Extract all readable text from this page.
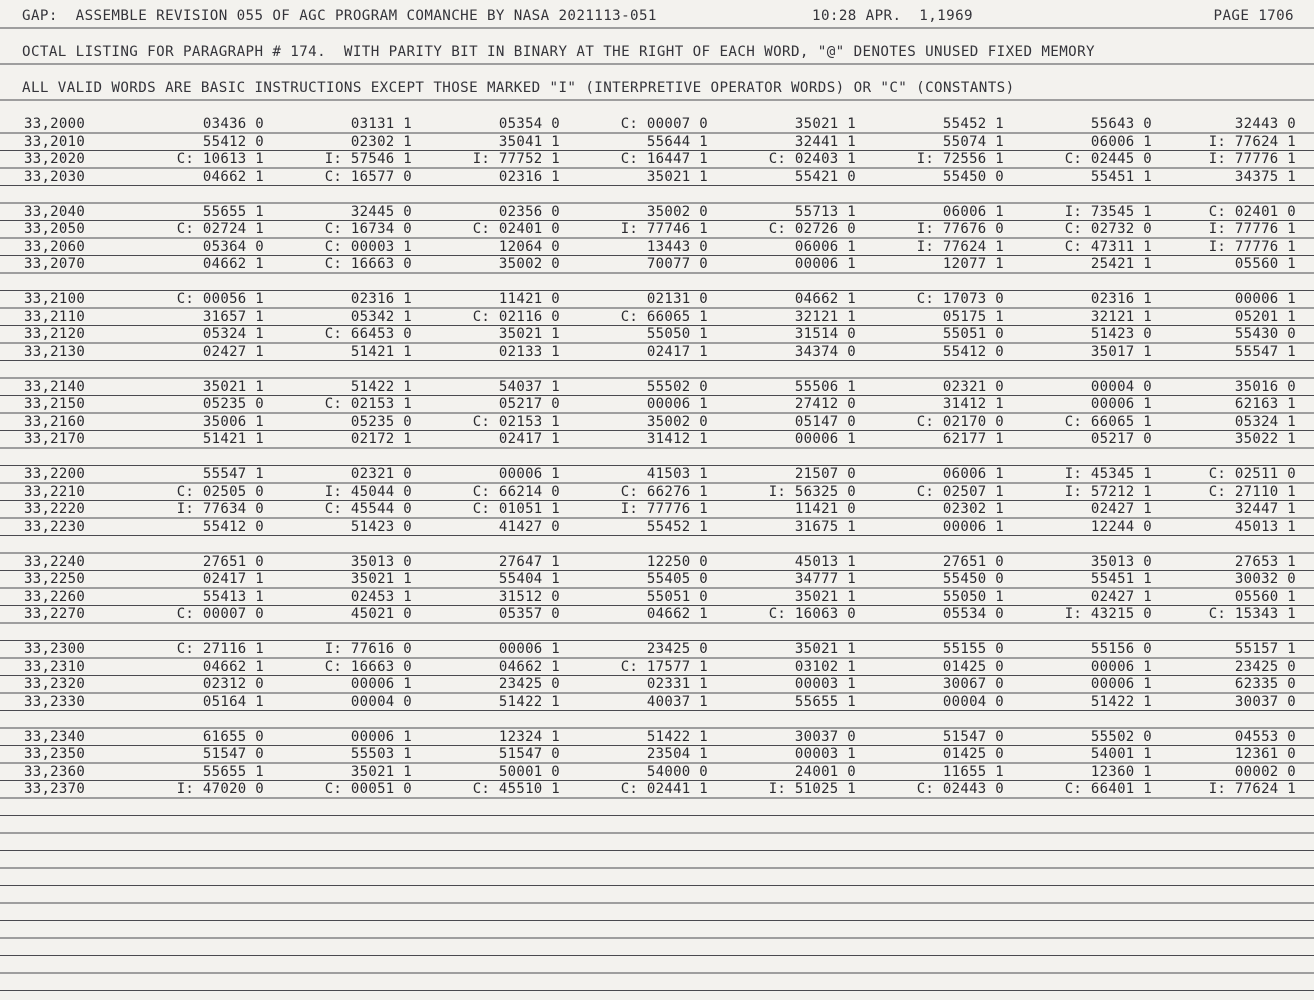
GAP:  ASSEMBLE REVISION 055 OF AGC PROGRAM COMANCHE BY NASA 2021113-051	10:28 APR.  1,1969	PAGE 1706
OCTAL LISTING FOR PARAGRAPH # 174.  WITH PARITY BIT IN BINARY AT THE RIGHT OF EACH WORD, "@" DENOTES UNUSED FIXED MEMORY
ALL VALID WORDS ARE BASIC INSTRUCTIONS EXCEPT THOSE MARKED "I" (INTERPRETIVE OPERATOR WORDS) OR "C" (CONSTANTS)
33,2000	03436 0	03131 1	05354 0	C: 00007 0	35021 1	55452 1	55643 0	32443 0
33,2010	55412 0	02302 1	35041 1	55644 1	32441 1	55074 1	06006 1	I: 77624 1
33,2020	C: 10613 1	I: 57546 1	I: 77752 1	C: 16447 1	C: 02403 1	I: 72556 1	C: 02445 0	I: 77776 1
33,2030	04662 1	C: 16577 0	02316 1	35021 1	55421 0	55450 0	55451 1	34375 1
33,2040	55655 1	32445 0	02356 0	35002 0	55713 1	06006 1	I: 73545 1	C: 02401 0
33,2050	C: 02724 1	C: 16734 0	C: 02401 0	I: 77746 1	C: 02726 0	I: 77676 0	C: 02732 0	I: 77776 1
33,2060	05364 0	C: 00003 1	12064 0	13443 0	06006 1	I: 77624 1	C: 47311 1	I: 77776 1
33,2070	04662 1	C: 16663 0	35002 0	70077 0	00006 1	12077 1	25421 1	05560 1
33,2100	C: 00056 1	02316 1	11421 0	02131 0	04662 1	C: 17073 0	02316 1	00006 1
33,2110	31657 1	05342 1	C: 02116 0	C: 66065 1	32121 1	05175 1	32121 1	05201 1
33,2120	05324 1	C: 66453 0	35021 1	55050 1	31514 0	55051 0	51423 0	55430 0
33,2130	02427 1	51421 1	02133 1	02417 1	34374 0	55412 0	35017 1	55547 1
33,2140	35021 1	51422 1	54037 1	55502 0	55506 1	02321 0	00004 0	35016 0
33,2150	05235 0	C: 02153 1	05217 0	00006 1	27412 0	31412 1	00006 1	62163 1
33,2160	35006 1	05235 0	C: 02153 1	35002 0	05147 0	C: 02170 0	C: 66065 1	05324 1
33,2170	51421 1	02172 1	02417 1	31412 1	00006 1	62177 1	05217 0	35022 1
33,2200	55547 1	02321 0	00006 1	41503 1	21507 0	06006 1	I: 45345 1	C: 02511 0
33,2210	C: 02505 0	I: 45044 0	C: 66214 0	C: 66276 1	I: 56325 0	C: 02507 1	I: 57212 1	C: 27110 1
33,2220	I: 77634 0	C: 45544 0	C: 01051 1	I: 77776 1	11421 0	02302 1	02427 1	32447 1
33,2230	55412 0	51423 0	41427 0	55452 1	31675 1	00006 1	12244 0	45013 1
33,2240	27651 0	35013 0	27647 1	12250 0	45013 1	27651 0	35013 0	27653 1
33,2250	02417 1	35021 1	55404 1	55405 0	34777 1	55450 0	55451 1	30032 0
33,2260	55413 1	02453 1	31512 0	55051 0	35021 1	55050 1	02427 1	05560 1
33,2270	C: 00007 0	45021 0	05357 0	04662 1	C: 16063 0	05534 0	I: 43215 0	C: 15343 1
33,2300	C: 27116 1	I: 77616 0	00006 1	23425 0	35021 1	55155 0	55156 0	55157 1
33,2310	04662 1	C: 16663 0	04662 1	C: 17577 1	03102 1	01425 0	00006 1	23425 0
33,2320	02312 0	00006 1	23425 0	02331 1	00003 1	30067 0	00006 1	62335 0
33,2330	05164 1	00004 0	51422 1	40037 1	55655 1	00004 0	51422 1	30037 0
33,2340	61655 0	00006 1	12324 1	51422 1	30037 0	51547 0	55502 0	04553 0
33,2350	51547 0	55503 1	51547 0	23504 1	00003 1	01425 0	54001 1	12361 0
33,2360	55655 1	35021 1	50001 0	54000 0	24001 0	11655 1	12360 1	00002 0
33,2370	I: 47020 0	C: 00051 0	C: 45510 1	C: 02441 1	I: 51025 1	C: 02443 0	C: 66401 1	I: 77624 1
